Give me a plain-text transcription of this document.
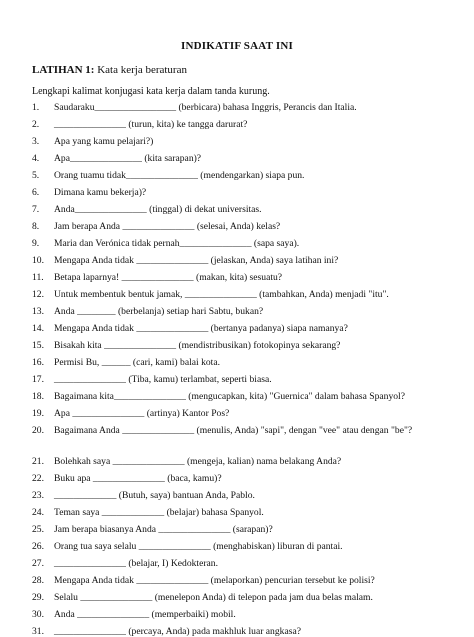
INDIKATIF SAAT INI
LATIHAN 1: Kata kerja beraturan
Lengkapi kalimat konjugasi kata kerja dalam tanda kurung.
1. Saudaraku_________________ (berbicara) bahasa Inggris, Perancis dan Italia.
2. _______________ (turun, kita) ke tangga darurat?
3. Apa yang kamu pelajari?)
4. Apa_______________ (kita sarapan)?
5. Orang tuamu tidak_______________ (mendengarkan) siapa pun.
6. Dimana kamu bekerja)?
7. Anda_______________ (tinggal) di dekat universitas.
8. Jam berapa Anda _______________ (selesai, Anda) kelas?
9. Maria dan Verónica tidak pernah_______________ (sapa saya).
10. Mengapa Anda tidak _______________ (jelaskan, Anda) saya latihan ini?
11. Betapa laparnya! _______________ (makan, kita) sesuatu?
12. Untuk membentuk bentuk jamak, _______________ (tambahkan, Anda) menjadi "itu".
13. Anda ________ (berbelanja) setiap hari Sabtu, bukan?
14. Mengapa Anda tidak _______________ (bertanya padanya) siapa namanya?
15. Bisakah kita _______________ (mendistribusikan) fotokopinya sekarang?
16. Permisi Bu, ______ (cari, kami) balai kota.
17. _______________ (Tiba, kamu) terlambat, seperti biasa.
18. Bagaimana kita_______________ (mengucapkan, kita) "Guernica" dalam bahasa Spanyol?
19. Apa _______________ (artinya) Kantor Pos?
20. Bagaimana Anda _______________ (menulis, Anda) "sapi", dengan "vee" atau dengan "be"?
21. Bolehkah saya _______________ (mengeja, kalian) nama belakang Anda?
22. Buku apa _______________ (baca, kamu)?
23. _____________ (Butuh, saya) bantuan Anda, Pablo.
24. Teman saya _____________ (belajar) bahasa Spanyol.
25. Jam berapa biasanya Anda _______________ (sarapan)?
26. Orang tua saya selalu _______________ (menghabiskan) liburan di pantai.
27. _______________ (belajar, I) Kedokteran.
28. Mengapa Anda tidak _______________ (melaporkan) pencurian tersebut ke polisi?
29. Selalu _______________ (menelepon Anda) di telepon pada jam dua belas malam.
30. Anda _______________ (memperbaiki) mobil.
31. _______________ (percaya, Anda) pada makhluk luar angkasa?
